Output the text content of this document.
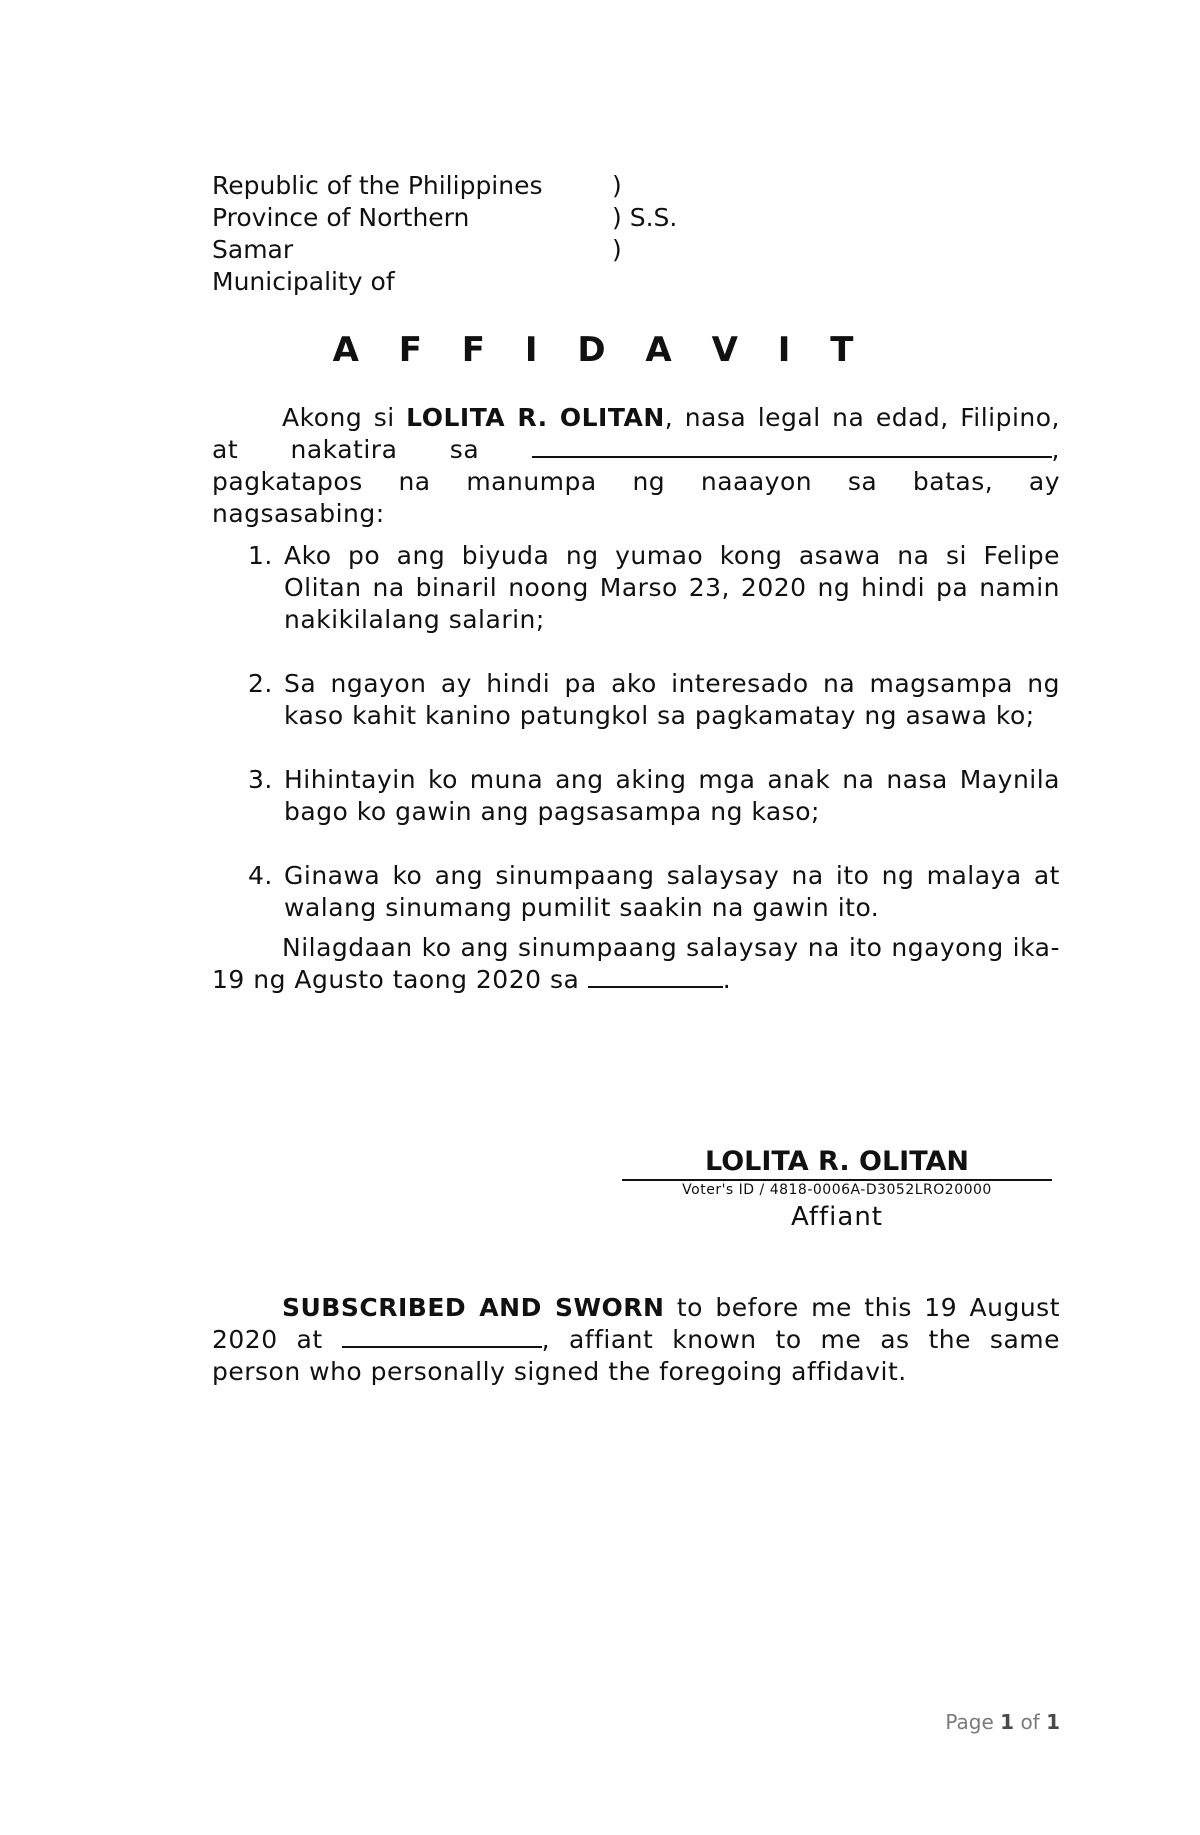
Republic of the Philippines	)
Province of Northern	) S.S.
Samar	)
Municipality of
A F F I D A V I T

Akong si LOLITA R. OLITAN, nasa legal na edad, Filipino, at nakatira sa	, pagkatapos na manumpa ng naaayon sa batas, ay nagsasabing:

1. Ako po ang biyuda ng yumao kong asawa na si Felipe Olitan na binaril noong Marso 23, 2020 ng hindi pa namin nakikilalang salarin;
2. Sa ngayon ay hindi pa ako interesado na magsampa ng kaso kahit kanino patungkol sa pagkamatay ng asawa ko;
3. Hihintayin ko muna ang aking mga anak na nasa Maynila bago ko gawin ang pagsasampa ng kaso;
4. Ginawa ko ang sinumpaang salaysay na ito ng malaya at walang sinumang pumilit saakin na gawin ito.

Nilagdaan ko ang sinumpaang salaysay na ito ngayong ika-19 ng Agusto taong 2020 sa	.

LOLITA R. OLITAN
Voter's ID / 4818-0006A-D3052LRO20000
Affiant

SUBSCRIBED AND SWORN to before me this 19 August 2020 at	, affiant known to me as the same person who personally signed the foregoing affidavit.

Page 1 of 1
